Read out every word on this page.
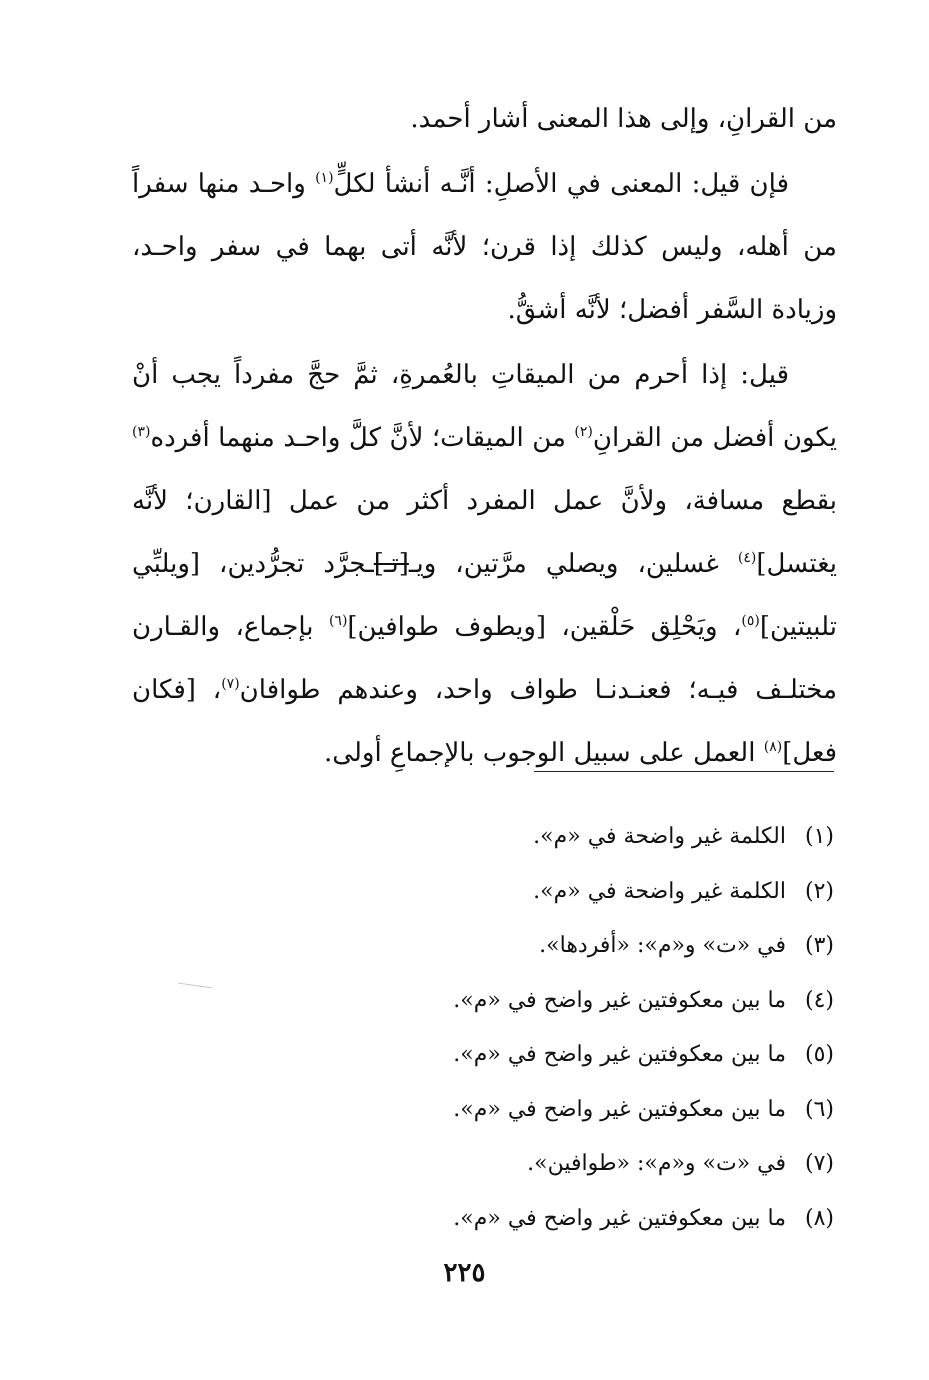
من القرانِ، وإلى هذا المعنى أشار أحمد.

فإن قيل: المعنى في الأصلِ: أنَّـه أنشأ لكلٍّ$^{(١)}$ واحـد منها سفراً من أهله، وليس كذلك إذا قرن؛ لأنَّه أتى بهما في سفر واحـد، وزيادة السَّفر أفضل؛ لأنَّه أشقُّ.

قيل: إذا أحرم من الميقاتِ بالعُمرةِ، ثمَّ حجَّ مفرداً يجب أنْ يكون أفضل من القرانِ$^{(٢)}$ من الميقات؛ لأنَّ كلَّ واحـد منهما أفرده$^{(٣)}$ بقطع مسافة، ولأنَّ عمل المفرد أكثر من عمل [القارن؛ لأنَّه يغتسل]$^{(٤)}$ غسلين، ويصلي مرَّتين، ويـ[تـ]ـجرَّد تجرُّدين، [ويلبِّي تلبيتين]$^{(٥)}$، ويَحْلِق حَلْقين، [ويطوف طوافين]$^{(٦)}$ بإجماع، والقـارن مختلـف فيـه؛ فعنـدنـا طواف واحد، وعندهم طوافان$^{(٧)}$، [فكان فعل]$^{(٨)}$ العمل على سبيل الوجوب بالإجماعِ أولى.

(١)الكلمة غير واضحة في «م».
(٢)الكلمة غير واضحة في «م».
(٣)في «ت» و«م»: «أفردها».
(٤)ما بين معكوفتين غير واضح في «م».
(٥)ما بين معكوفتين غير واضح في «م».
(٦)ما بين معكوفتين غير واضح في «م».
(٧)في «ت» و«م»: «طوافين».
(٨)ما بين معكوفتين غير واضح في «م».
٢٢٥
